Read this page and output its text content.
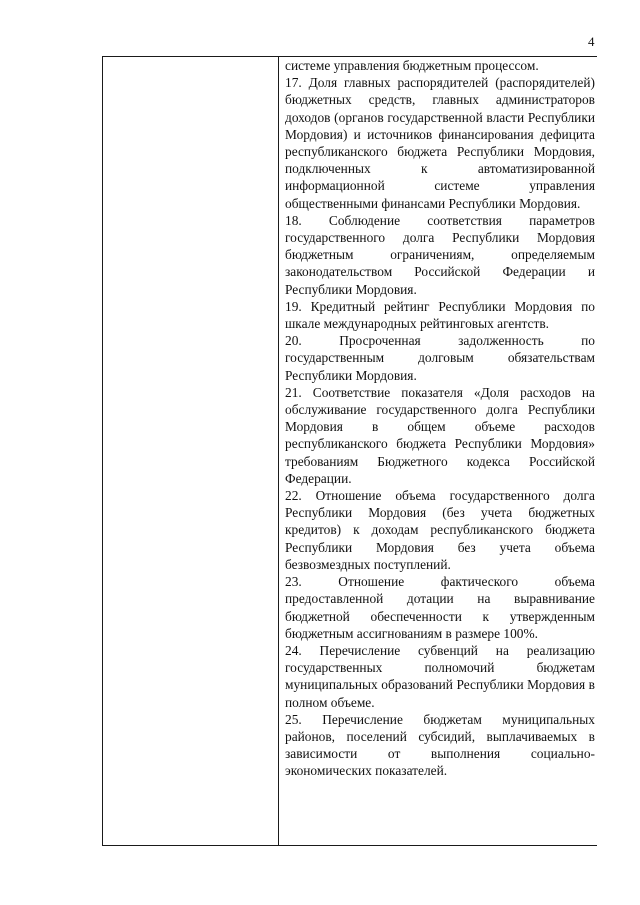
4

системе управления бюджетным процессом.

17. Доля главных распорядителей (распорядителей) бюджетных средств, главных администраторов доходов (органов государственной власти Республики Мордовия) и источников финансирования дефицита республиканского бюджета Республики Мордовия, подключенных к автоматизированной информационной системе управления общественными финансами Республики Мордовия.

18. Соблюдение соответствия параметров государственного долга Республики Мордовия бюджетным ограничениям, определяемым законодательством Российской Федерации и Республики Мордовия.

19. Кредитный рейтинг Республики Мордовия по шкале международных рейтинговых агентств.

20. Просроченная задолженность по государственным долговым обязательствам Республики Мордовия.

21. Соответствие показателя «Доля расходов на обслуживание государственного долга Республики Мордовия в общем объеме расходов республиканского бюджета Республики Мордовия» требованиям Бюджетного кодекса Российской Федерации.

22. Отношение объема государственного долга Республики Мордовия (без учета бюджетных кредитов) к доходам республиканского бюджета Республики Мордовия без учета объема безвозмездных поступлений.

23. Отношение фактического объема предоставленной дотации на выравнивание бюджетной обеспеченности к утвержденным бюджетным ассигнованиям в размере 100%.

24. Перечисление субвенций на реализацию государственных полномочий бюджетам муниципальных образований Республики Мордовия в полном объеме.

25. Перечисление бюджетам муниципальных районов, поселений субсидий, выплачиваемых в зависимости от выполнения социально-экономических показателей.
